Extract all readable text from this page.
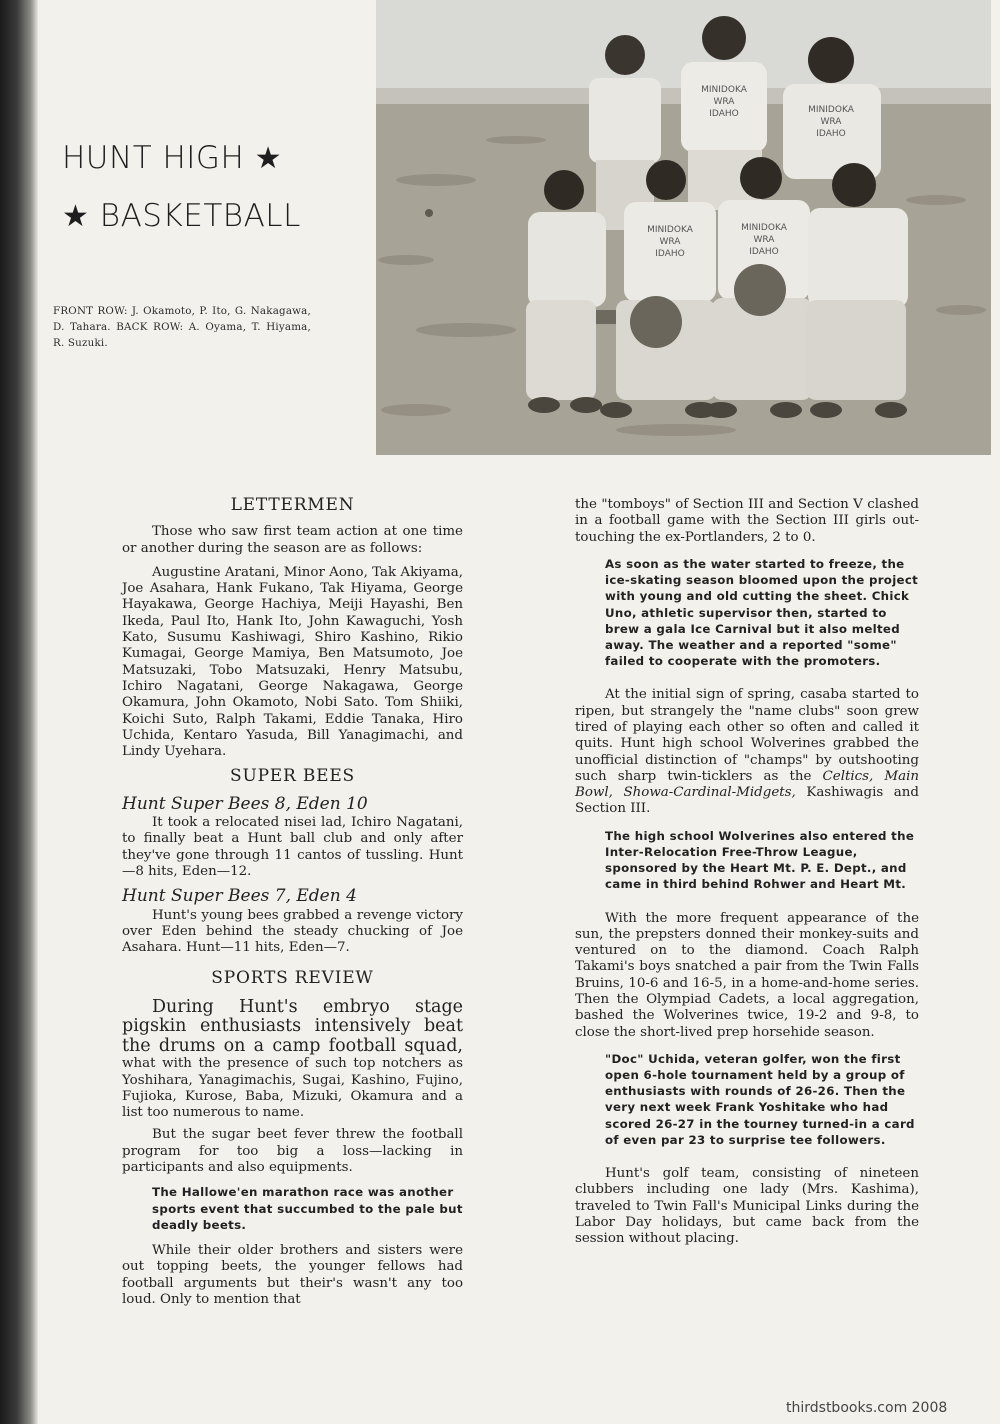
HUNT HIGH ★
★ BASKETBALL
FRONT ROW: J. Okamoto, P. Ito, G. Nakagawa, D. Tahara. BACK ROW: A. Oyama, T. Hiyama, R. Suzuki.
MINIDOKA
WRA
IDAHO	MINIDOKA
WRA
IDAHO
MINIDOKA
WRA
IDAHO
MINIDOKA
WRA
IDAHO
LETTERMEN

Those who saw first team action at one time or another during the season are as follows:

Augustine Aratani, Minor Aono, Tak Akiyama, Joe Asahara, Hank Fukano, Tak Hiyama, George Hayakawa, George Hachiya, Meiji Hayashi, Ben Ikeda, Paul Ito, Hank Ito, John Kawaguchi, Yosh Kato, Susumu Kashiwagi, Shiro Kashino, Rikio Kumagai, George Mamiya, Ben Matsumoto, Joe Matsuzaki, Tobo Matsuzaki, Henry Matsubu, Ichiro Nagatani, George Nakagawa, George Okamura, John Okamoto, Nobi Sato. Tom Shiiki, Koichi Suto, Ralph Takami, Eddie Tanaka, Hiro Uchida, Kentaro Yasuda, Bill Yanagimachi, and Lindy Uyehara.

SUPER BEES
Hunt Super Bees 8, Eden 10

It took a relocated nisei lad, Ichiro Nagatani, to finally beat a Hunt ball club and only after they've gone through 11 cantos of tussling. Hunt—8 hits, Eden—12.

Hunt Super Bees 7, Eden 4

Hunt's young bees grabbed a revenge victory over Eden behind the steady chucking of Joe Asahara. Hunt—11 hits, Eden—7.

SPORTS REVIEW

During Hunt's embryo stage pigskin enthusiasts intensively beat the drums on a camp football squad, what with the presence of such top notchers as Yoshihara, Yanagimachis, Sugai, Kashino, Fujino, Fujioka, Kurose, Baba, Mizuki, Okamura and a list too numerous to name.

But the sugar beet fever threw the football program for too big a loss—lacking in participants and also equipments.

The Hallowe'en marathon race was another sports event that succumbed to the pale but deadly beets.

While their older brothers and sisters were out topping beets, the younger fellows had football arguments but their's wasn't any too loud. Only to mention that

the "tomboys" of Section III and Section V clashed in a football game with the Section III girls out-touching the ex-Portlanders, 2 to 0.

As soon as the water started to freeze, the ice-skating season bloomed upon the project with young and old cutting the sheet. Chick Uno, athletic supervisor then, started to brew a gala Ice Carnival but it also melted away. The weather and a reported "some" failed to cooperate with the promoters.

At the initial sign of spring, casaba started to ripen, but strangely the "name clubs" soon grew tired of playing each other so often and called it quits. Hunt high school Wolverines grabbed the unofficial distinction of "champs" by outshooting such sharp twin-ticklers as the Celtics, Main Bowl, Showa-Cardinal-Midgets, Kashiwagis and Section III.

The high school Wolverines also entered the Inter-Relocation Free-Throw League, sponsored by the Heart Mt. P. E. Dept., and came in third behind Rohwer and Heart Mt.

With the more frequent appearance of the sun, the prepsters donned their monkey-suits and ventured on to the diamond. Coach Ralph Takami's boys snatched a pair from the Twin Falls Bruins, 10-6 and 16-5, in a home-and-home series. Then the Olympiad Cadets, a local aggregation, bashed the Wolverines twice, 19-2 and 9-8, to close the short-lived prep horsehide season.

"Doc" Uchida, veteran golfer, won the first open 6-hole tournament held by a group of enthusiasts with rounds of 26-26. Then the very next week Frank Yoshitake who had scored 26-27 in the tourney turned-in a card of even par 23 to surprise tee followers.

Hunt's golf team, consisting of nineteen clubbers including one lady (Mrs. Kashima), traveled to Twin Fall's Municipal Links during the Labor Day holidays, but came back from the session without placing.

thirdstbooks.com 2008
